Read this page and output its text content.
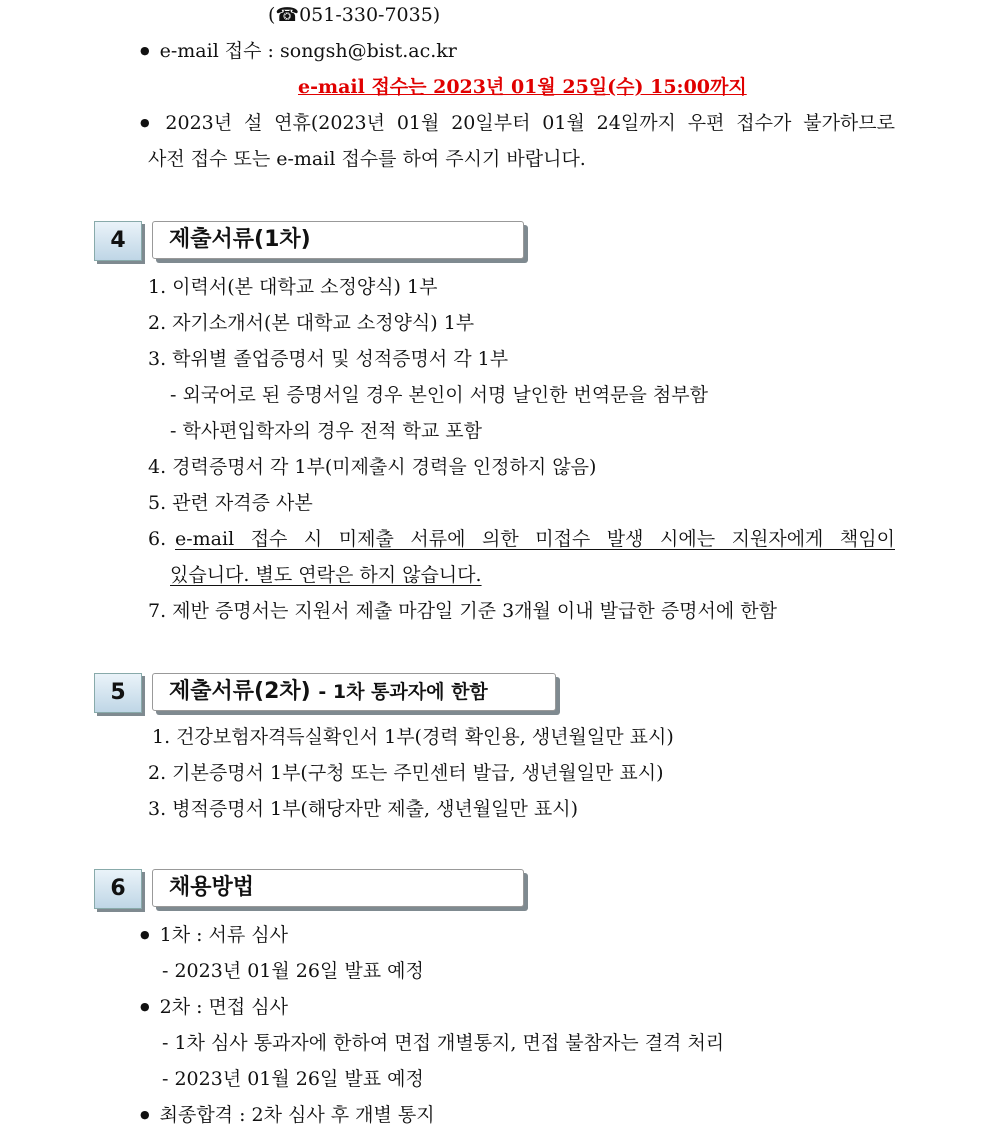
(☎051-330-7035)
● e-mail 접수 : songsh@bist.ac.kr
e-mail 접수는 2023년 01월 25일(수) 15:00까지
● 2023년 설 연휴(2023년 01월 20일부터 01월 24일까지 우편 접수가 불가하므로
사전 접수 또는 e-mail 접수를 하여 주시기 바랍니다.
4	제출서류(1차)
1. 이력서(본 대학교 소정양식) 1부
2. 자기소개서(본 대학교 소정양식) 1부
3. 학위별 졸업증명서 및 성적증명서 각 1부
- 외국어로 된 증명서일 경우 본인이 서명 날인한 번역문을 첨부함
- 학사편입학자의 경우 전적 학교 포함
4. 경력증명서 각 1부(미제출시 경력을 인정하지 않음)
5. 관련 자격증 사본
6. e-mail 접수 시 미제출 서류에 의한 미접수 발생 시에는 지원자에게 책임이
있습니다. 별도 연락은 하지 않습니다.
7. 제반 증명서는 지원서 제출 마감일 기준 3개월 이내 발급한 증명서에 한함
5	제출서류(2차) - 1차 통과자에 한함
1. 건강보험자격득실확인서 1부(경력 확인용, 생년월일만 표시)
2. 기본증명서 1부(구청 또는 주민센터 발급, 생년월일만 표시)
3. 병적증명서 1부(해당자만 제출, 생년월일만 표시)
6	채용방법
● 1차 : 서류 심사
- 2023년 01월 26일 발표 예정
● 2차 : 면접 심사
- 1차 심사 통과자에 한하여 면접 개별통지, 면접 불참자는 결격 처리
- 2023년 01월 26일 발표 예정
● 최종합격 : 2차 심사 후 개별 통지
